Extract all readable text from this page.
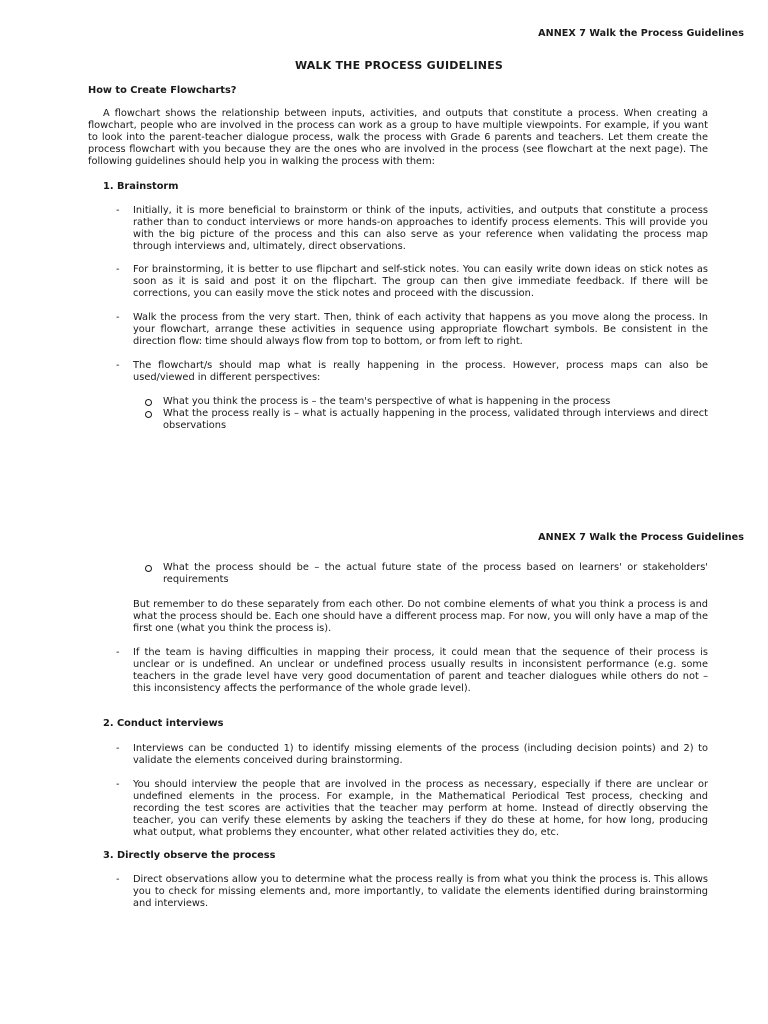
ANNEX 7 Walk the Process Guidelines
WALK THE PROCESS GUIDELINES
How to Create Flowcharts?

A flowchart shows the relationship between inputs, activities, and outputs that constitute a process. When creating a flowchart, people who are involved in the process can work as a group to have multiple viewpoints. For example, if you want to look into the parent-teacher dialogue process, walk the process with Grade 6 parents and teachers. Let them create the process flowchart with you because they are the ones who are involved in the process (see flowchart at the next page). The following guidelines should help you in walking the process with them:

1. Brainstorm
- Initially, it is more beneficial to brainstorm or think of the inputs, activities, and outputs that constitute a process rather than to conduct interviews or more hands-on approaches to identify process elements. This will provide you with the big picture of the process and this can also serve as your reference when validating the process map through interviews and, ultimately, direct observations.

- For brainstorming, it is better to use flipchart and self-stick notes. You can easily write down ideas on stick notes as soon as it is said and post it on the flipchart. The group can then give immediate feedback. If there will be corrections, you can easily move the stick notes and proceed with the discussion.

- Walk the process from the very start. Then, think of each activity that happens as you move along the process. In your flowchart, arrange these activities in sequence using appropriate flowchart symbols. Be consistent in the direction flow: time should always flow from top to bottom, or from left to right.

- The flowchart/s should map what is really happening in the process. However, process maps can also be used/viewed in different perspectives:

What you think the process is – the team's perspective of what is happening in the process

What the process really is – what is actually happening in the process, validated through interviews and direct observations

ANNEX 7 Walk the Process Guidelines

What the process should be – the actual future state of the process based on learners' or stakeholders' requirements

But remember to do these separately from each other. Do not combine elements of what you think a process is and what the process should be. Each one should have a different process map. For now, you will only have a map of the first one (what you think the process is).

- If the team is having difficulties in mapping their process, it could mean that the sequence of their process is unclear or is undefined. An unclear or undefined process usually results in inconsistent performance (e.g. some teachers in the grade level have very good documentation of parent and teacher dialogues while others do not – this inconsistency affects the performance of the whole grade level).

2. Conduct interviews
- Interviews can be conducted 1) to identify missing elements of the process (including decision points) and 2) to validate the elements conceived during brainstorming.

- You should interview the people that are involved in the process as necessary, especially if there are unclear or undefined elements in the process. For example, in the Mathematical Periodical Test process, checking and recording the test scores are activities that the teacher may perform at home. Instead of directly observing the teacher, you can verify these elements by asking the teachers if they do these at home, for how long, producing what output, what problems they encounter, what other related activities they do, etc.

3. Directly observe the process
- Direct observations allow you to determine what the process really is from what you think the process is. This allows you to check for missing elements and, more importantly, to validate the elements identified during brainstorming and interviews.
